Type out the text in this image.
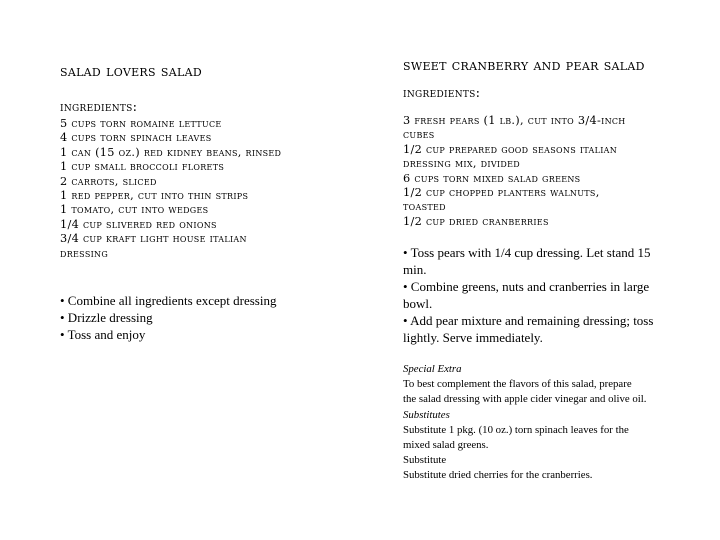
salad lovers salad
ingredients:
5 cups torn romaine lettuce
4 cups torn spinach leaves
1 can (15 oz.) red kidney beans, rinsed
1 cup small broccoli florets
2 carrots, sliced
1 red pepper, cut into thin strips
1 tomato, cut into wedges
1/4 cup slivered red onions
3/4 cup kraft light house italian
dressing
• Combine all ingredients except dressing
• Drizzle dressing
• Toss and enjoy
sweet cranberry and pear salad
ingredients:
3 fresh pears (1 lb.), cut into 3/4-inch
cubes
1/2 cup prepared good seasons italian
dressing mix, divided
6 cups torn mixed salad greens
1/2 cup chopped planters walnuts,
toasted
1/2 cup dried cranberries
• Toss pears with 1/4 cup dressing. Let stand 15
min.
• Combine greens, nuts and cranberries in large
bowl.
• Add pear mixture and remaining dressing; toss
lightly. Serve immediately.
Special Extra
To best complement the flavors of this salad, prepare
the salad dressing with apple cider vinegar and olive oil.
Substitutes
Substitute 1 pkg. (10 oz.) torn spinach leaves for the
mixed salad greens.
Substitute
Substitute dried cherries for the cranberries.
